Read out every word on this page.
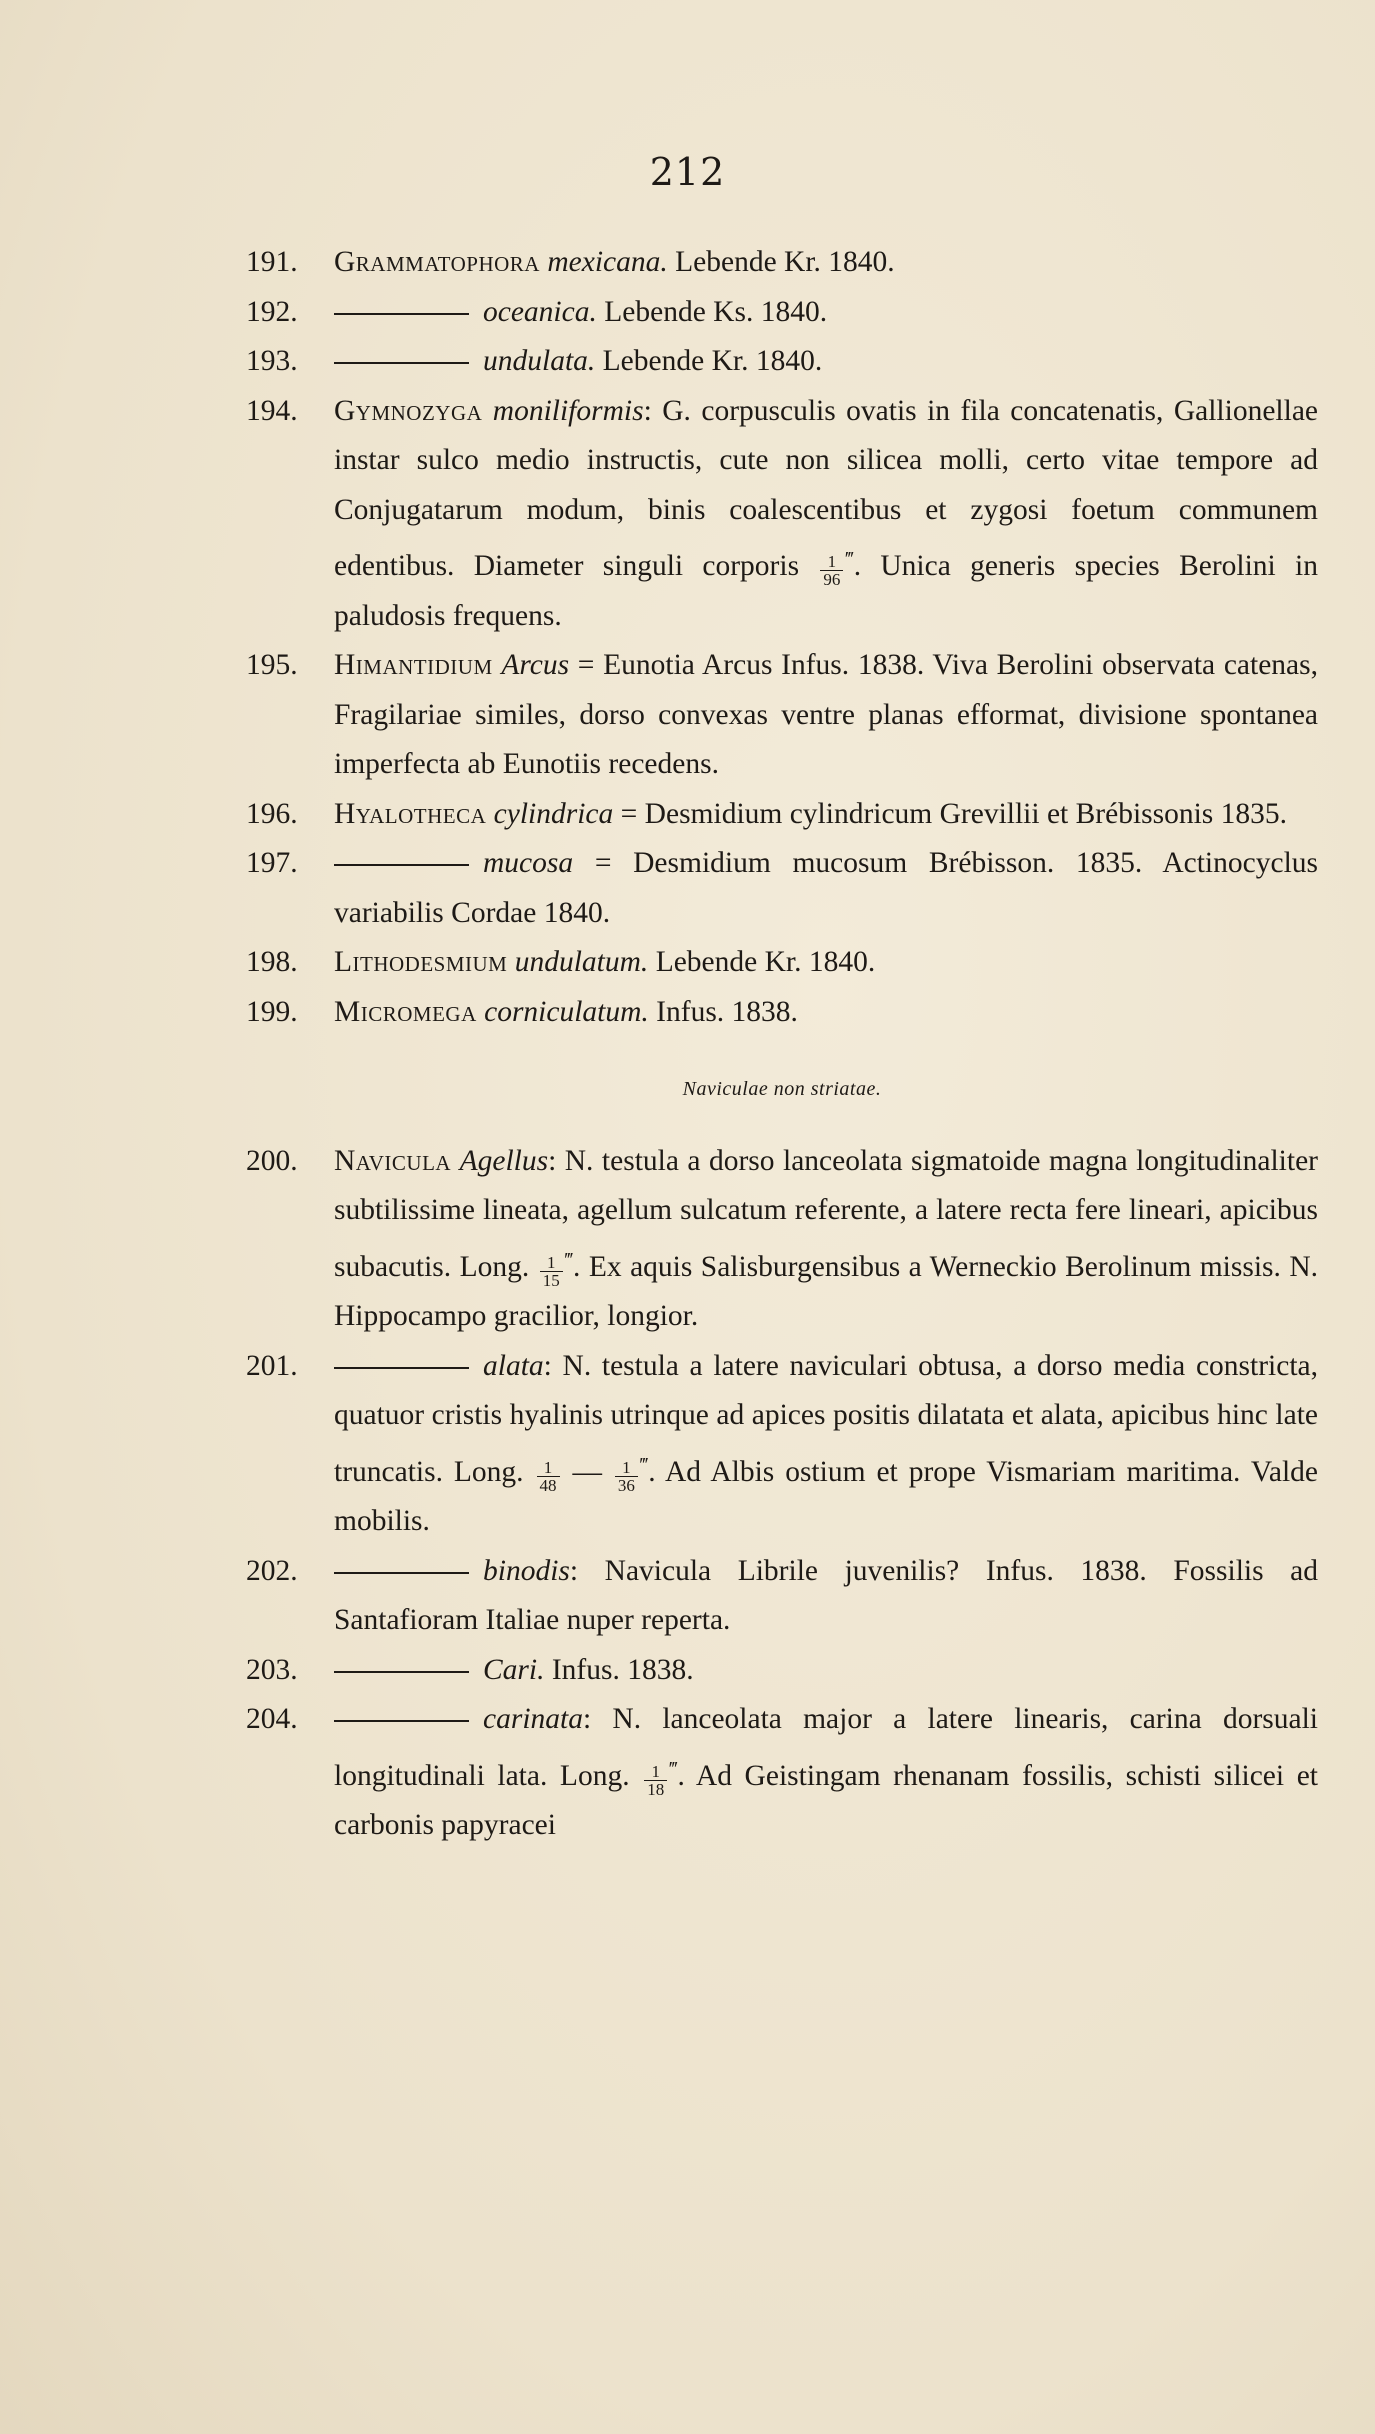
212
191.	Grammatophora mexicana. Lebende Kr. 1840.
192.	oceanica. Lebende Ks. 1840.
193.	undulata. Lebende Kr. 1840.
194.	Gymnozyga moniliformis: G. corpusculis ovatis in fila concatenatis, Gallionellae instar sulco medio instructis, cute non silicea molli, certo vitae tempore ad Conjugatarum modum, binis coalescentibus et zygosi foetum communem edentibus. Diameter singuli corporis $\frac{1}{96} ^‴$. Unica generis species Berolini in paludosis frequens.
195.	Himantidium Arcus = Eunotia Arcus Infus. 1838. Viva Berolini observata catenas, Fragilariae similes, dorso convexas ventre planas efformat, divisione spontanea imperfecta ab Eunotiis recedens.
196.	Hyalotheca cylindrica = Desmidium cylindricum Grevillii et Brébissonis 1835.
197.	mucosa = Desmidium mucosum Brébisson. 1835. Actinocyclus variabilis Cordae 1840.
198.	Lithodesmium undulatum. Lebende Kr. 1840.
199.	Micromega corniculatum. Infus. 1838.
Naviculae non striatae.
200.	Navicula Agellus: N. testula a dorso lanceolata sigmatoide magna longitudinaliter subtilissime lineata, agellum sulcatum referente, a latere recta fere lineari, apicibus subacutis. Long. $\frac{1}{15} ^‴$. Ex aquis Salisburgensibus a Werneckio Berolinum missis. N. Hippocampo gracilior, longior.
201.	alata: N. testula a latere naviculari obtusa, a dorso media constricta, quatuor cristis hyalinis utrinque ad apices positis dilatata et alata, apicibus hinc late truncatis. Long. $\frac{1}{48}$ — $\frac{1}{36} ^‴$. Ad Albis ostium et prope Vismariam maritima. Valde mobilis.
202.	binodis: Navicula Librile juvenilis? Infus. 1838. Fossilis ad Santafioram Italiae nuper reperta.
203.	Cari. Infus. 1838.
204.	carinata: N. lanceolata major a latere linearis, carina dorsuali longitudinali lata. Long. $\frac{1}{18} ^‴$. Ad Geistingam rhenanam fossilis, schisti silicei et carbonis papyracei
